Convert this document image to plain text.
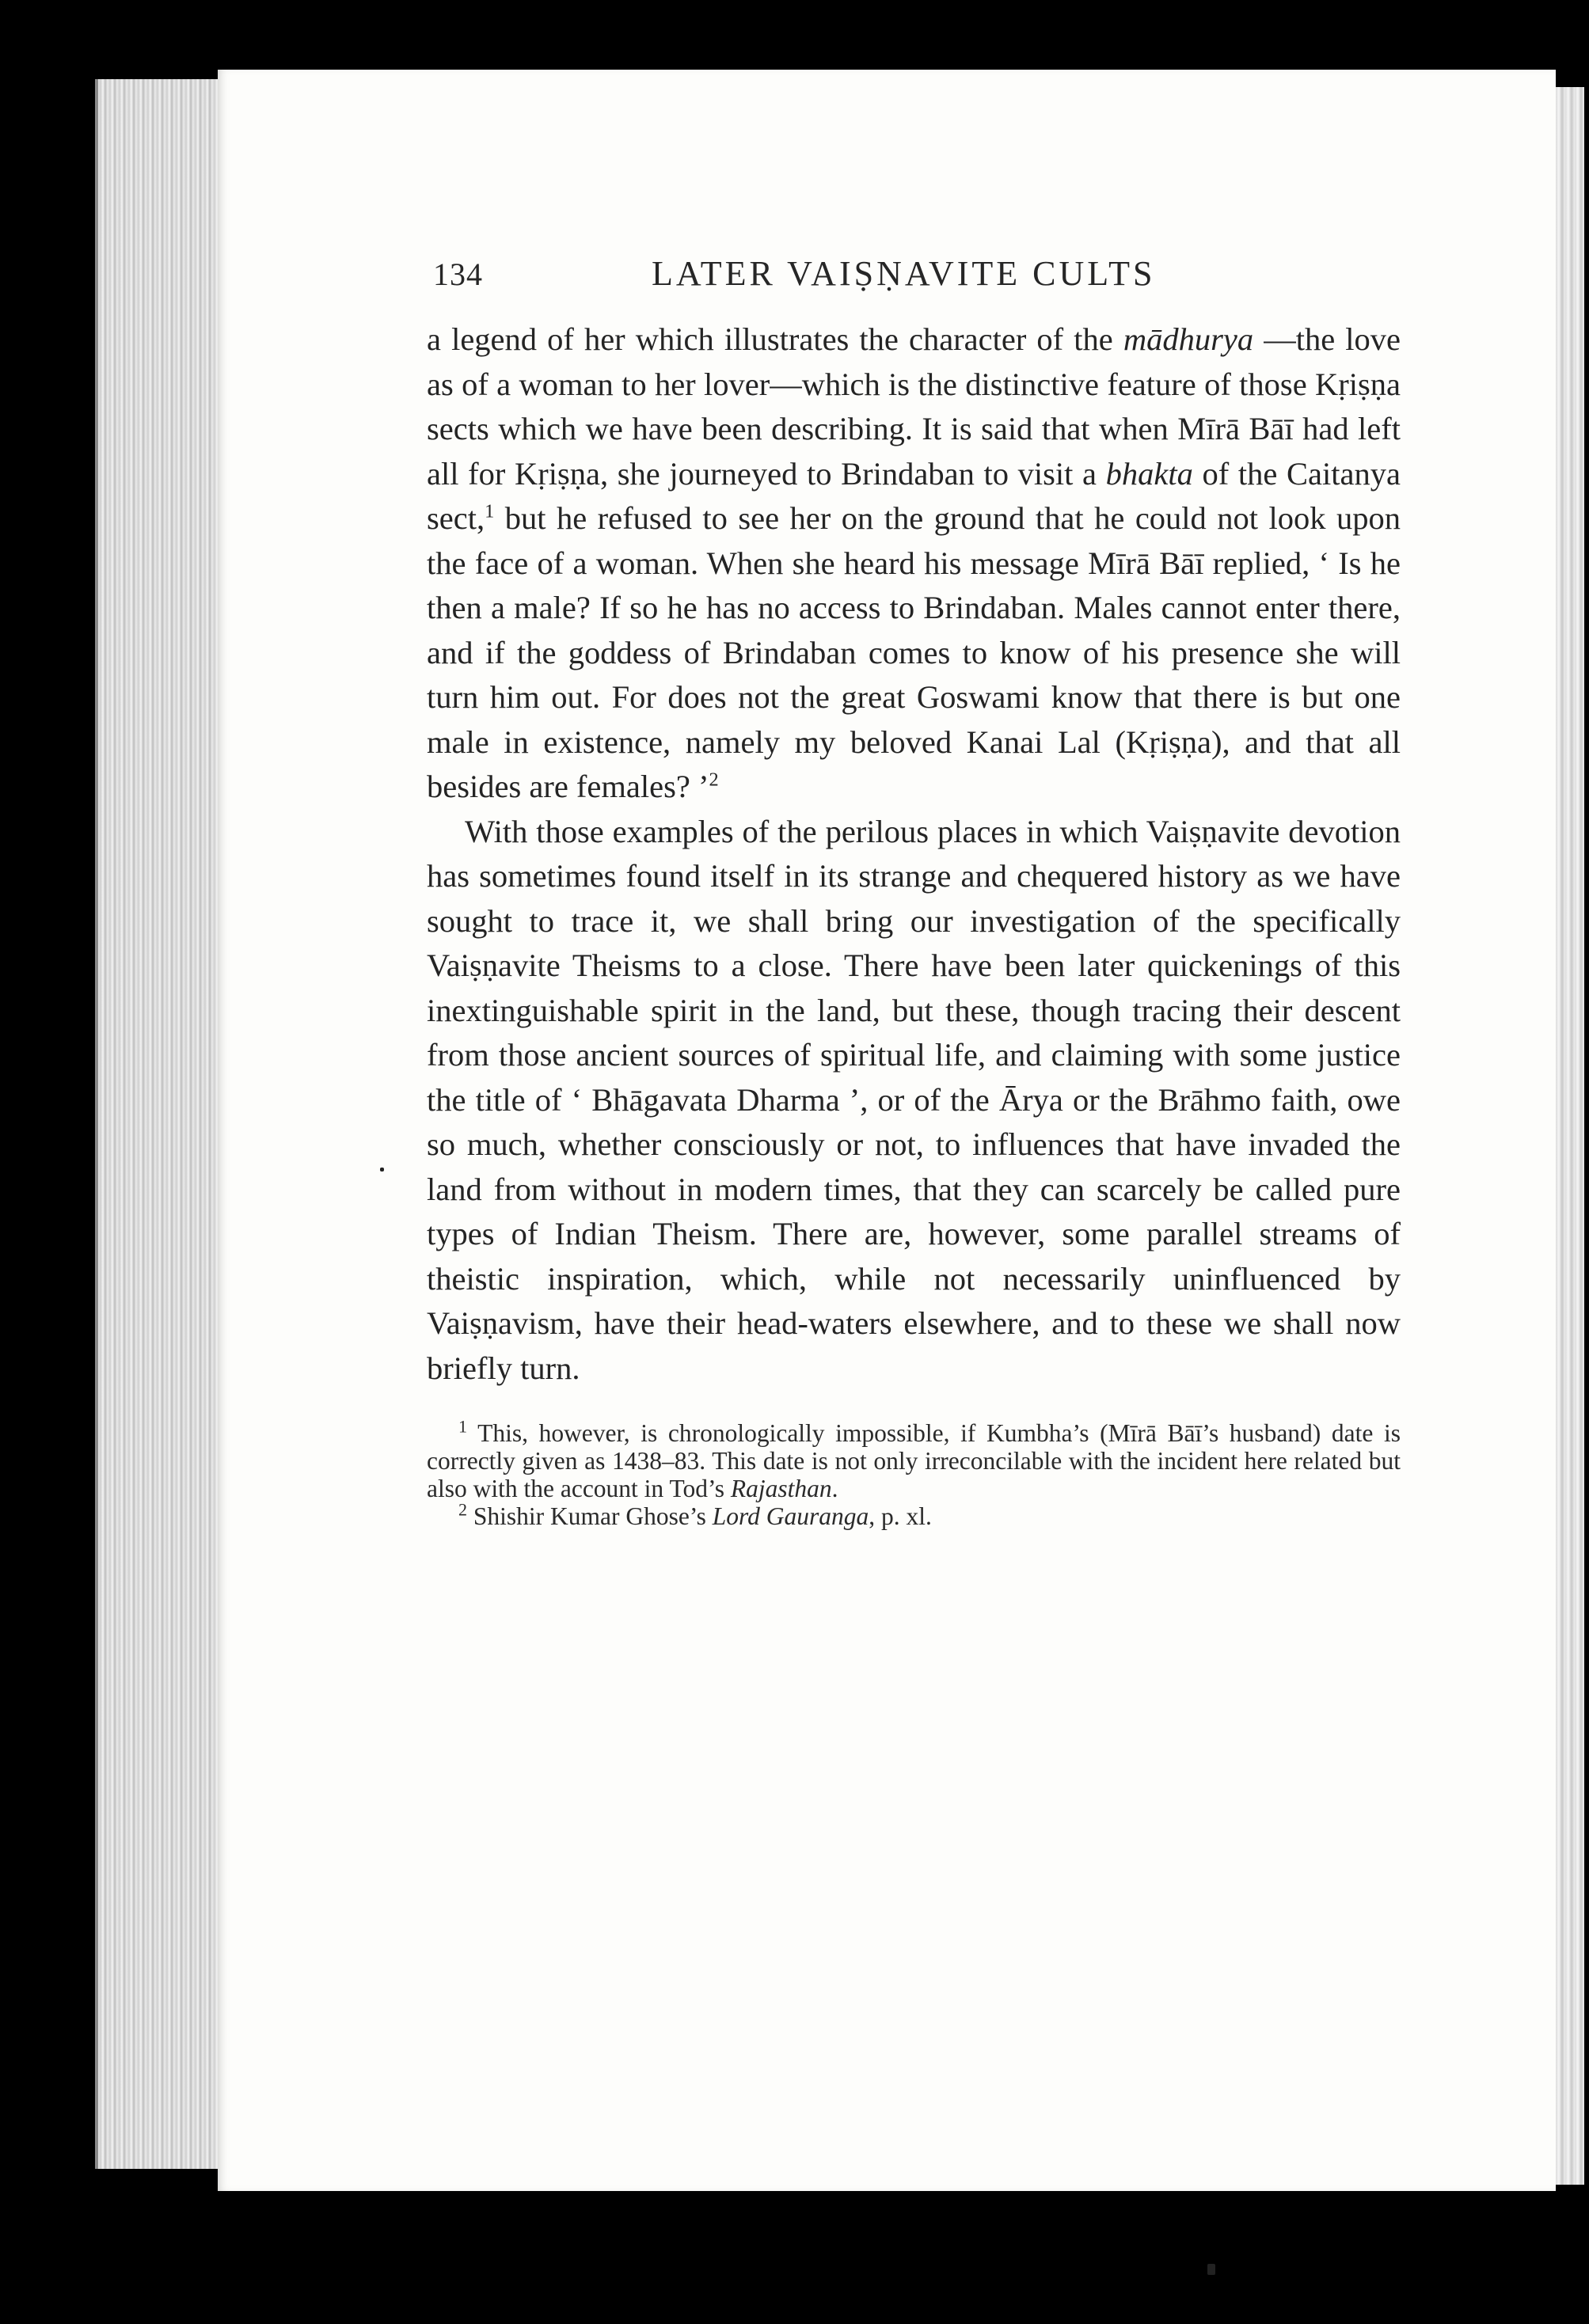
134	LATER VAIṢṆAVITE CULTS

a legend of her which illustrates the character of the mādhurya —the love as of a woman to her lover—which is the distinctive feature of those Kṛiṣṇa sects which we have been describing. It is said that when Mīrā Bāī had left all for Kṛiṣṇa, she journeyed to Brindaban to visit a bhakta of the Caitanya sect,$^1$ but he refused to see her on the ground that he could not look upon the face of a woman. When she heard his message Mīrā Bāī replied, ‘ Is he then a male? If so he has no access to Brindaban. Males cannot enter there, and if the goddess of Brindaban comes to know of his presence she will turn him out. For does not the great Goswami know that there is but one male in existence, namely my beloved Kanai Lal (Kṛiṣṇa), and that all besides are females? ’$^2$

With those examples of the perilous places in which Vaiṣṇavite devotion has sometimes found itself in its strange and chequered history as we have sought to trace it, we shall bring our investigation of the specifically Vaiṣṇavite Theisms to a close. There have been later quickenings of this inextinguishable spirit in the land, but these, though tracing their descent from those ancient sources of spiritual life, and claiming with some justice the title of ‘ Bhāgavata Dharma ’, or of the Ārya or the Brāhmo faith, owe so much, whether consciously or not, to influences that have invaded the land from without in modern times, that they can scarcely be called pure types of Indian Theism. There are, however, some parallel streams of theistic inspiration, which, while not necessarily uninfluenced by Vaiṣṇavism, have their head-waters elsewhere, and to these we shall now briefly turn.

$^1$ This, however, is chronologically impossible, if Kumbha’s (Mīrā Bāī’s husband) date is correctly given as 1438–83. This date is not only irreconcilable with the incident here related but also with the account in Tod’s Rajasthan.

$^2$ Shishir Kumar Ghose’s Lord Gauranga, p. xl.
